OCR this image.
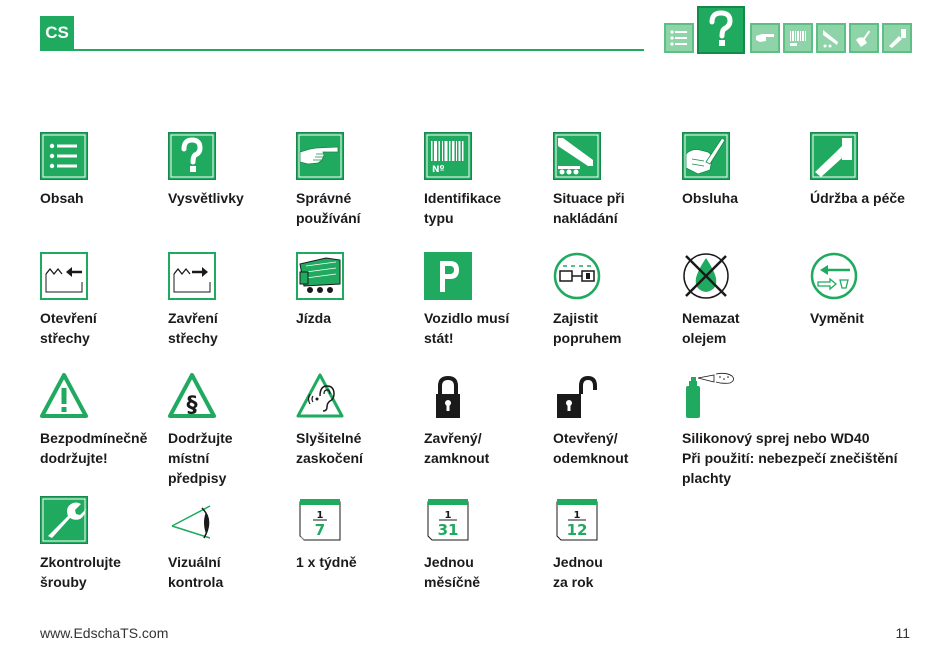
CS
Obsah	Vysvětlivky	Správné
používání
Nº
Identifikace
typu
Situace při
nakládání
Obsluha	Údržba a péče
Otevření
střechy
Zavření
střechy
Jízda	Vozidlo musí
stát!
Zajistit
popruhem
Nemazat
olejem
Vyměnit
Bezpodmínečně
dodržujte!
§
Dodržujte
místní
předpisy
Slyšitelné
zaskočení
Zavřený/
zamknout
Otevřený/
odemknout
Silikonový sprej nebo WD40
Při použití: nebezpečí znečištění
plachty
Zkontrolujte
šrouby
Vizuální
kontrola
1
7
1 x týdně
1
31
Jednou
měsíčně
1
12
Jednou
za rok
www.EdschaTS.com	11
